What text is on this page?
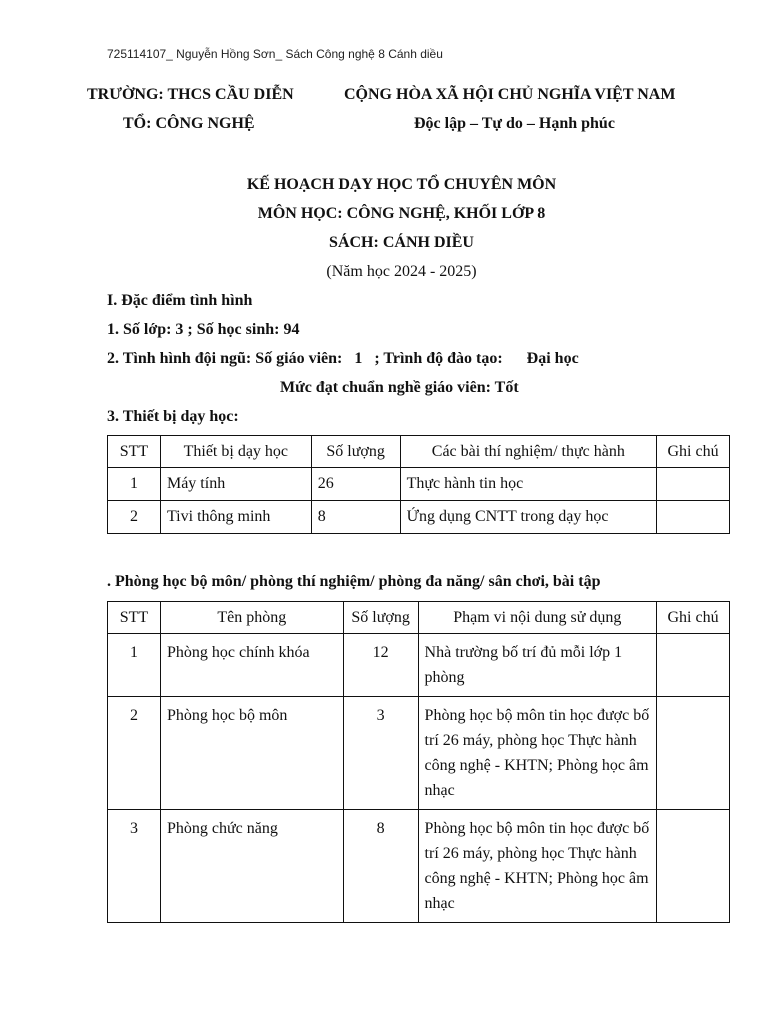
725114107_ Nguyễn Hồng Sơn_ Sách Công nghệ 8 Cánh diều
TRƯỜNG: THCS CẦU DIỄN
TỔ: CÔNG NGHỆ
CỘNG HÒA XÃ HỘI CHỦ NGHĨA VIỆT NAM
Độc lập – Tự do – Hạnh phúc
KẾ HOẠCH DẠY HỌC TỔ CHUYÊN MÔN
MÔN HỌC: CÔNG NGHỆ, KHỐI LỚP 8
SÁCH: CÁNH DIỀU
(Năm học 2024 - 2025)
I. Đặc điểm tình hình
1. Số lớp: 3 ; Số học sinh: 94
2. Tình hình đội ngũ: Số giáo viên:   1   ; Trình độ đào tạo:      Đại học
Mức đạt chuẩn nghề giáo viên: Tốt
3. Thiết bị dạy học:
STT	Thiết bị dạy học	Số lượng	Các bài thí nghiệm/ thực hành	Ghi chú
1	Máy tính	26	Thực hành tin học	
2	Tivi thông minh	8	Ứng dụng CNTT trong dạy học	
. Phòng học bộ môn/ phòng thí nghiệm/ phòng đa năng/ sân chơi, bài tập
STT	Tên phòng	Số lượng	Phạm vi nội dung sử dụng	Ghi chú
1	Phòng học chính khóa	12	Nhà trường bố trí đủ mỗi lớp 1 phòng	
2	Phòng học bộ môn	3	Phòng học bộ môn tin học được bố trí 26 máy, phòng học Thực hành công nghệ - KHTN; Phòng học âm nhạc	
3	Phòng chức năng	8	Phòng học bộ môn tin học được bố trí 26 máy, phòng học Thực hành công nghệ - KHTN; Phòng học âm nhạc	
